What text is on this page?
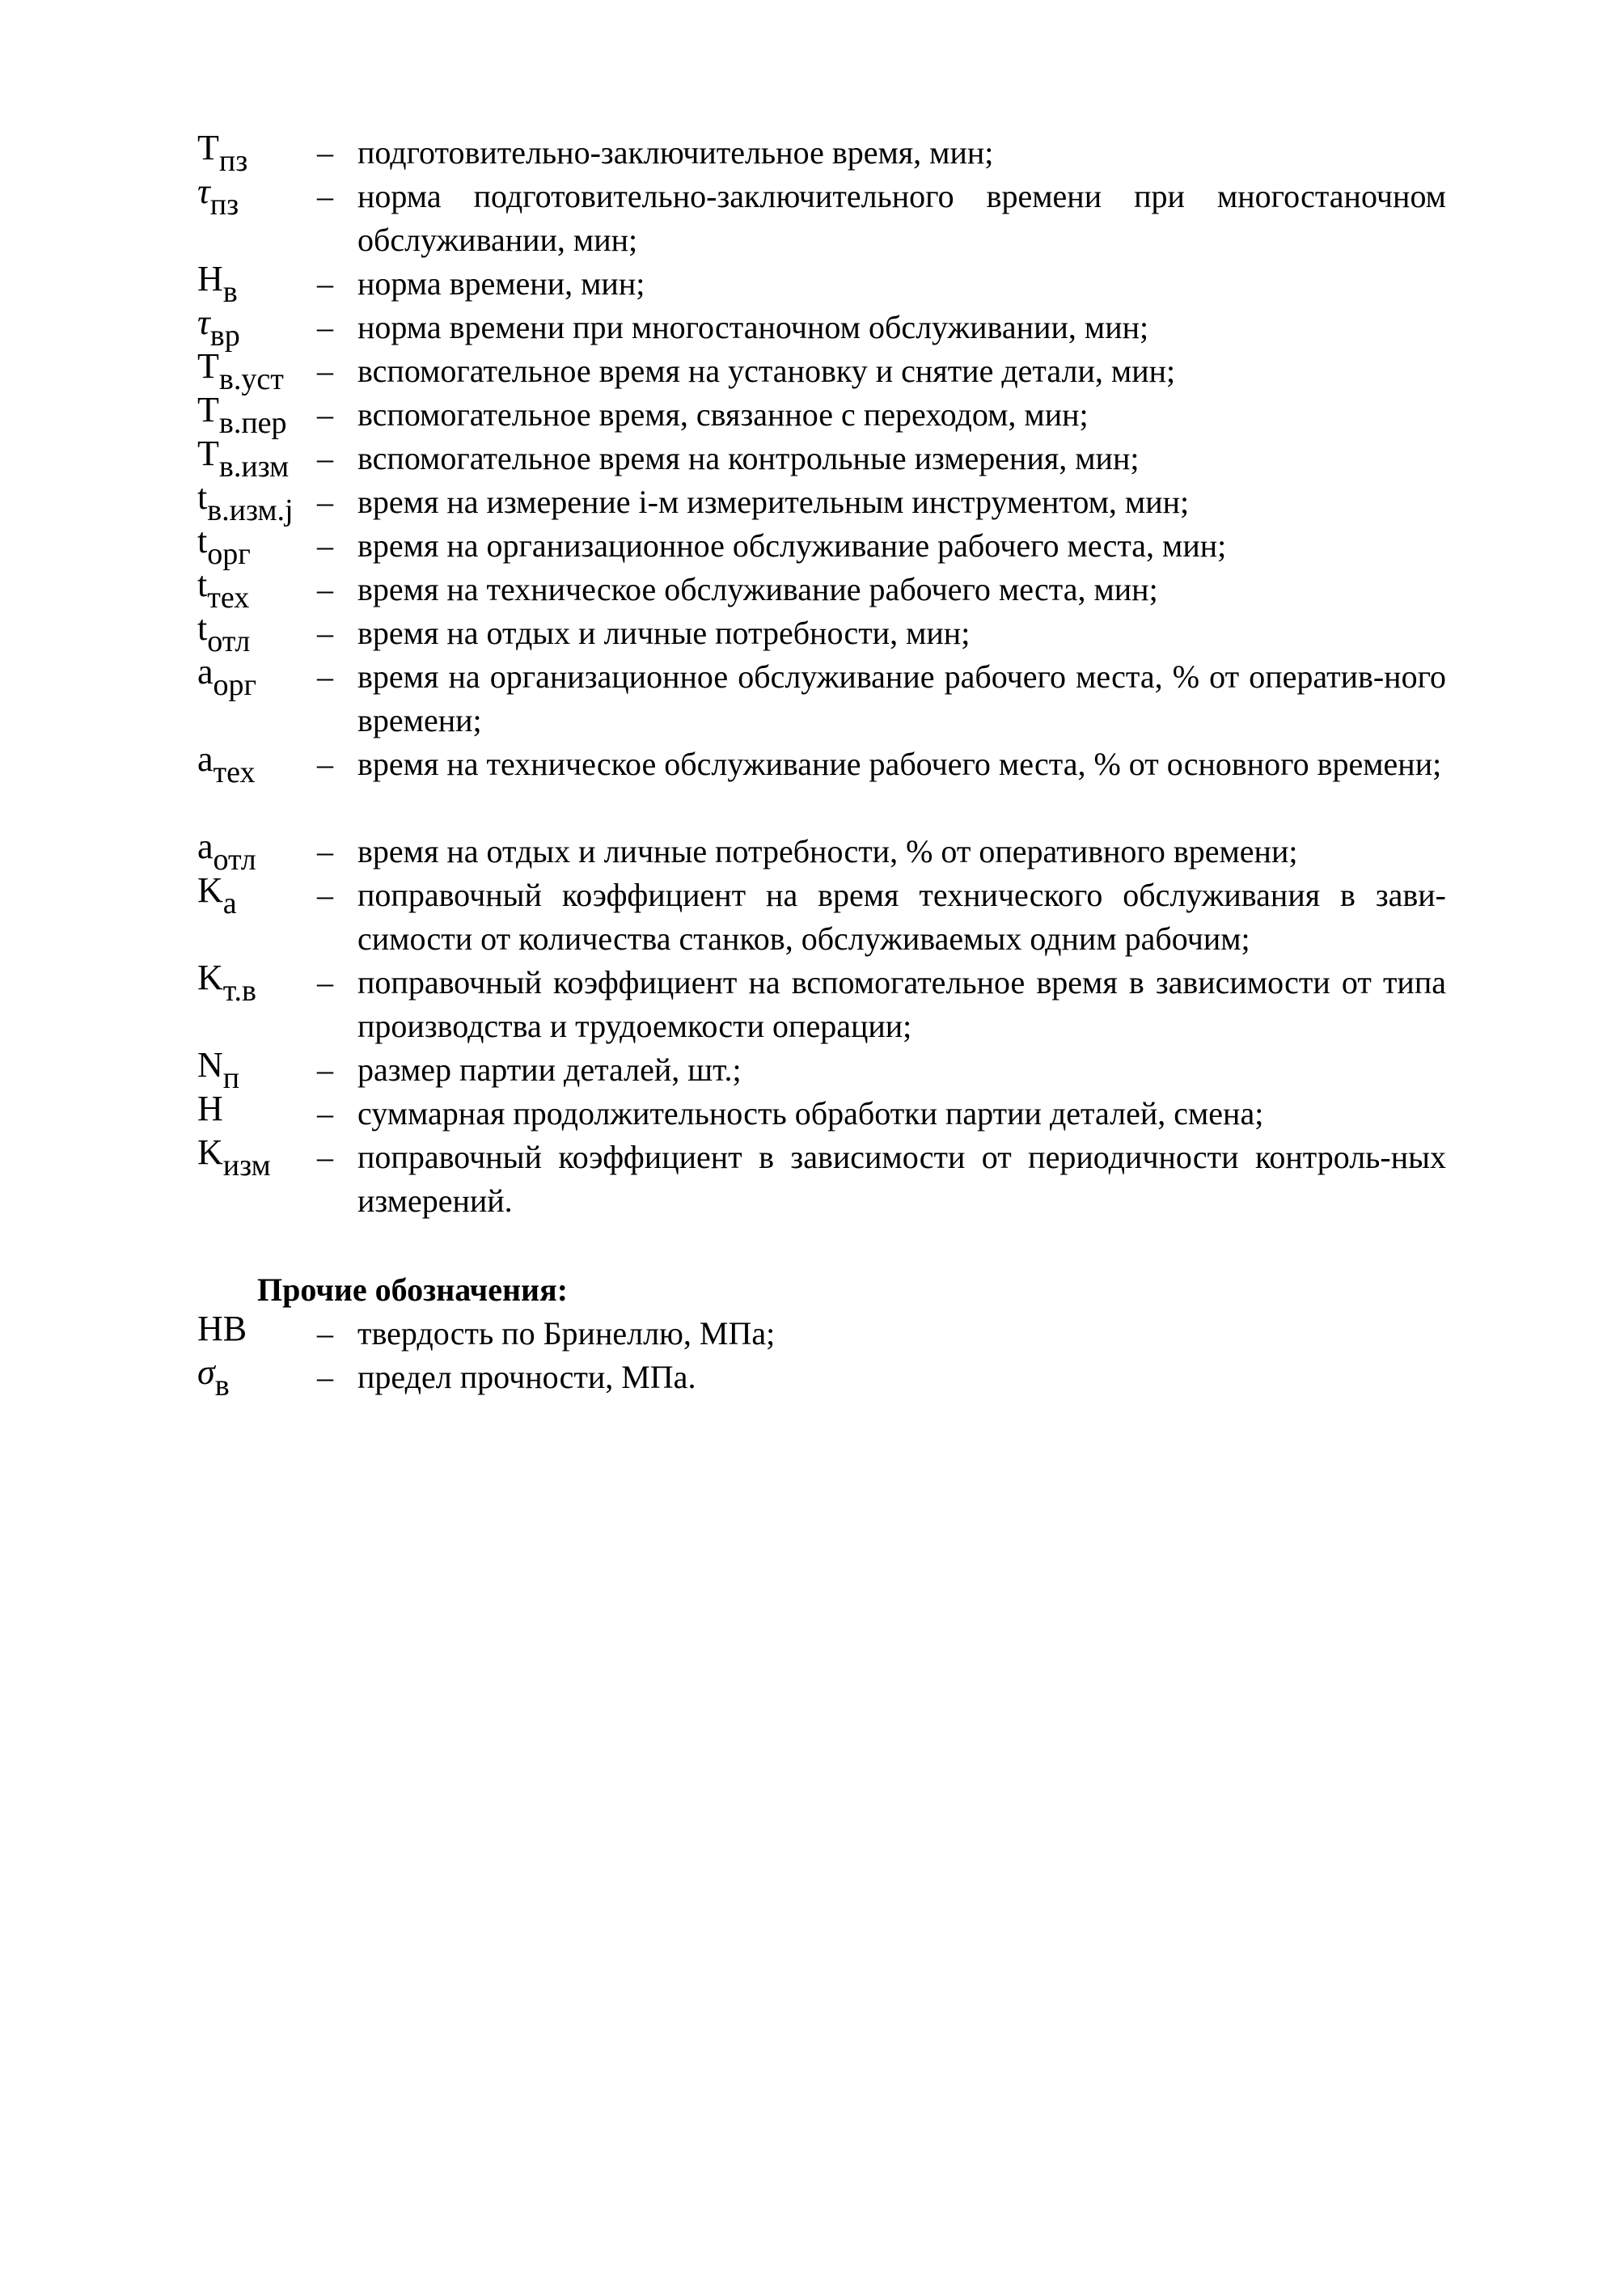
Tпз – подготовительно-заключительное время, мин;

τпз – норма подготовительно-заключительного времени при многостаночном обслуживании, мин;

Нв – норма времени, мин;

τвр – норма времени при многостаночном обслуживании, мин;

Tв.уст – вспомогательное время на установку и снятие детали, мин;

Tв.пер – вспомогательное время, связанное с переходом, мин;

Tв.изм – вспомогательное время на контрольные измерения, мин;

tв.изм.j – время на измерение i-м измерительным инструментом, мин;

tорг – время на организационное обслуживание рабочего места, мин;

tтех – время на техническое обслуживание рабочего места, мин;

tотл – время на отдых и личные потребности, мин;

aорг – время на организационное обслуживание рабочего места, % от оператив-ного времени;

aтех – время на техническое обслуживание рабочего места, % от основного времени;

aотл – время на отдых и личные потребности, % от оперативного времени;

Kа – поправочный коэффициент на время технического обслуживания в зави-симости от количества станков, обслуживаемых одним рабочим;

Kт.в – поправочный коэффициент на вспомогательное время в зависимости от типа производства и трудоемкости операции;

Nп – размер партии деталей, шт.;

Н	– суммарная продолжительность обработки партии деталей, смена;

Kизм – поправочный коэффициент в зависимости от периодичности контроль-ных измерений.

Прочие обозначения:
HB – твердость по Бринеллю, МПа;

σв	– предел прочности, МПа.
